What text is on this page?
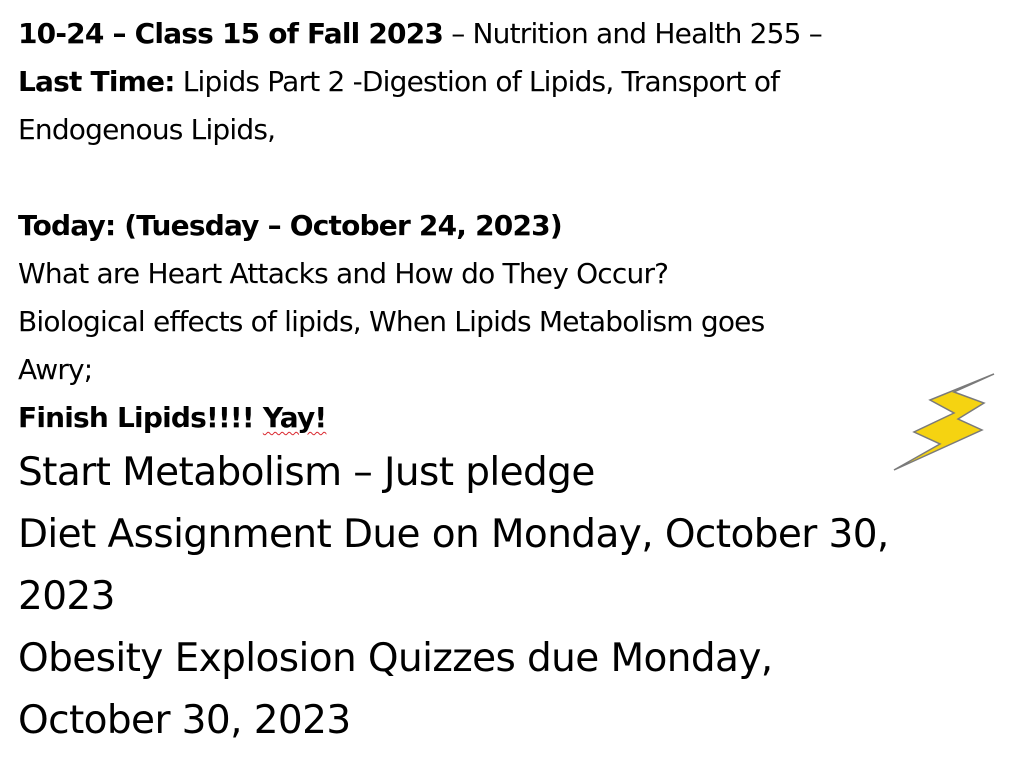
10-24 – Class 15 of Fall 2023 – Nutrition and Health 255 –

Last Time: Lipids Part 2 -Digestion of Lipids, Transport of

Endogenous Lipids,

Today: (Tuesday – October 24, 2023)

What are Heart Attacks and How do They Occur?

Biological effects of lipids, When Lipids Metabolism goes

Awry;

Finish Lipids!!!! Yay!

Start Metabolism – Just pledge

Diet Assignment Due on Monday, October 30,

2023

Obesity Explosion Quizzes due Monday,

October 30, 2023
